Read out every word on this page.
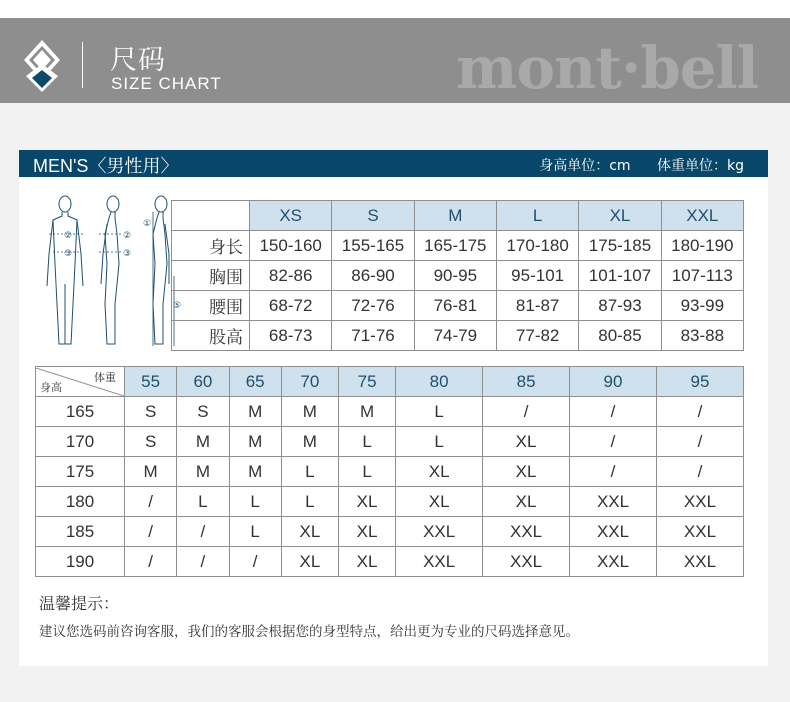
尺码
SIZE CHART	mont·bell
MEN'S〈男性用〉	身高单位：cm 体重单位：kg
①
②
③
②
③
⑤
	XS	S	M	L	XL	XXL
身长	150-160	155-165	165-175	170-180	175-185	180-190
胸围	82-86	86-90	90-95	95-101	101-107	107-113
腰围	68-72	72-76	76-81	81-87	87-93	93-99
股高	68-73	71-76	74-79	77-82	80-85	83-88
体重
身高	55	60	65	70	75	80	85	90	95
165	S	S	M	M	M	L	/	/	/
170	S	M	M	M	L	L	XL	/	/
175	M	M	M	L	L	XL	XL	/	/
180	/	L	L	L	XL	XL	XL	XXL	XXL
185	/	/	L	XL	XL	XXL	XXL	XXL	XXL
190	/	/	/	XL	XL	XXL	XXL	XXL	XXL
温馨提示：
建议您选码前咨询客服，我们的客服会根据您的身型特点，给出更为专业的尺码选择意见。
